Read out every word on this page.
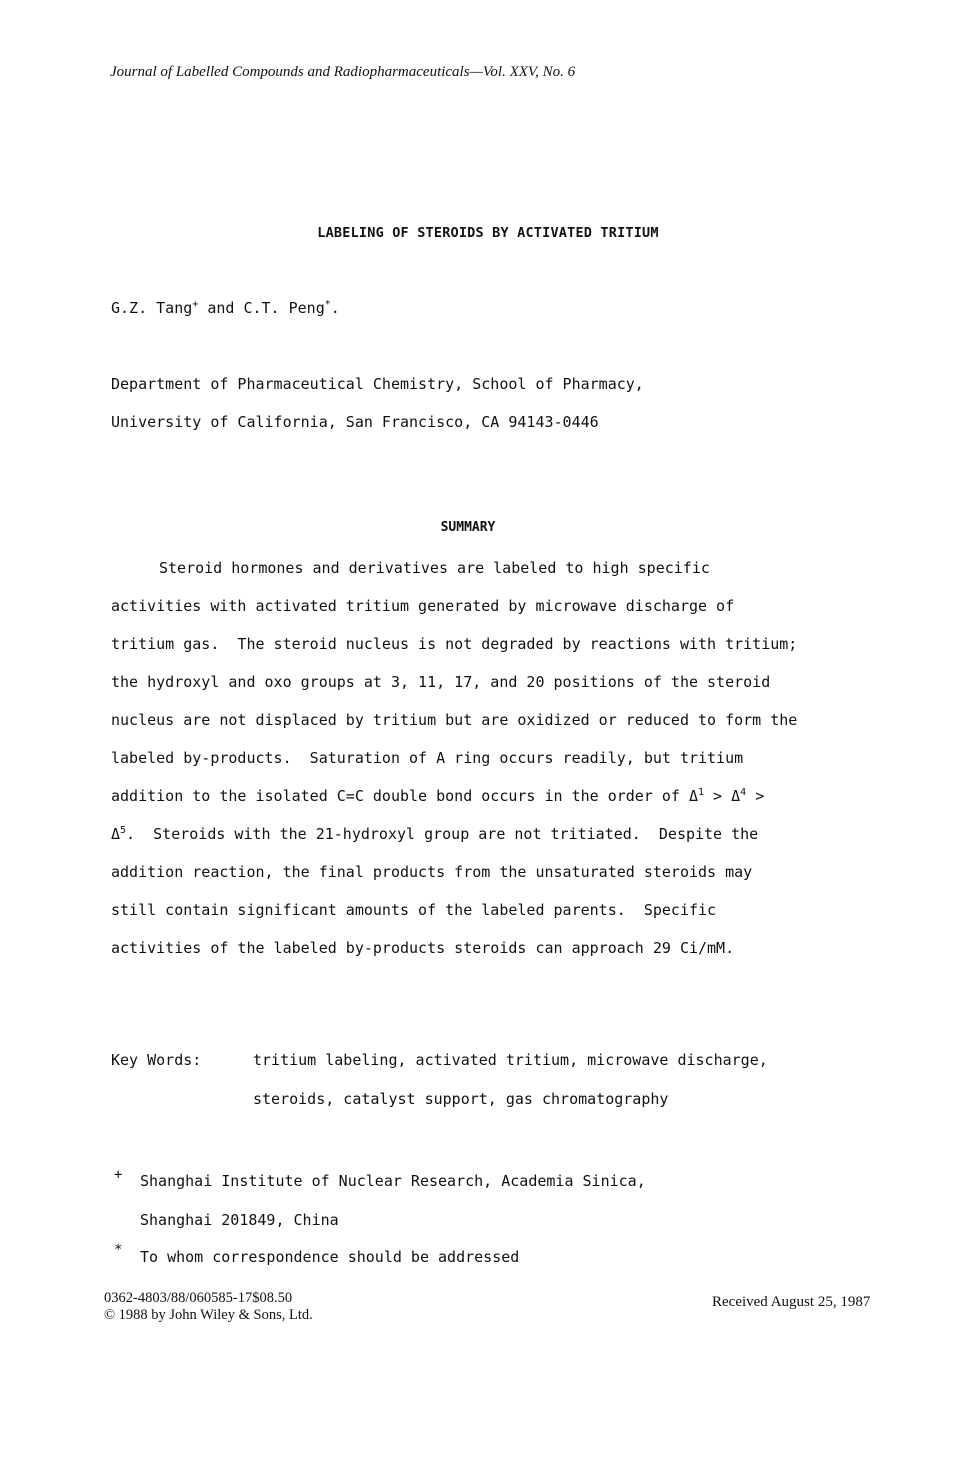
Journal of Labelled Compounds and Radiopharmaceuticals—Vol. XXV, No. 6
LABELING OF STEROIDS BY ACTIVATED TRITIUM
G.Z. Tang+ and C.T. Peng*.
Department of Pharmaceutical Chemistry, School of Pharmacy,
University of California, San Francisco, CA 94143-0446
SUMMARY
Steroid hormones and derivatives are labeled to high specific
activities with activated tritium generated by microwave discharge of
tritium gas.  The steroid nucleus is not degraded by reactions with tritium;
the hydroxyl and oxo groups at 3, 11, 17, and 20 positions of the steroid
nucleus are not displaced by tritium but are oxidized or reduced to form the
labeled by-products.  Saturation of A ring occurs readily, but tritium
addition to the isolated C=C double bond occurs in the order of $\Delta^1 > \Delta^4$ >
$\Delta^5$.  Steroids with the 21-hydroxyl group are not tritiated.  Despite the
addition reaction, the final products from the unsaturated steroids may
still contain significant amounts of the labeled parents.  Specific
activities of the labeled by-products steroids can approach 29 Ci/mM.
Key Words:	tritium labeling, activated tritium, microwave discharge,
steroids, catalyst support, gas chromatography
+ Shanghai Institute of Nuclear Research, Academia Sinica,
Shanghai 201849, China
* To whom correspondence should be addressed
0362-4803/88/060585-17$08.50
© 1988 by John Wiley & Sons, Ltd.
Received August 25, 1987
